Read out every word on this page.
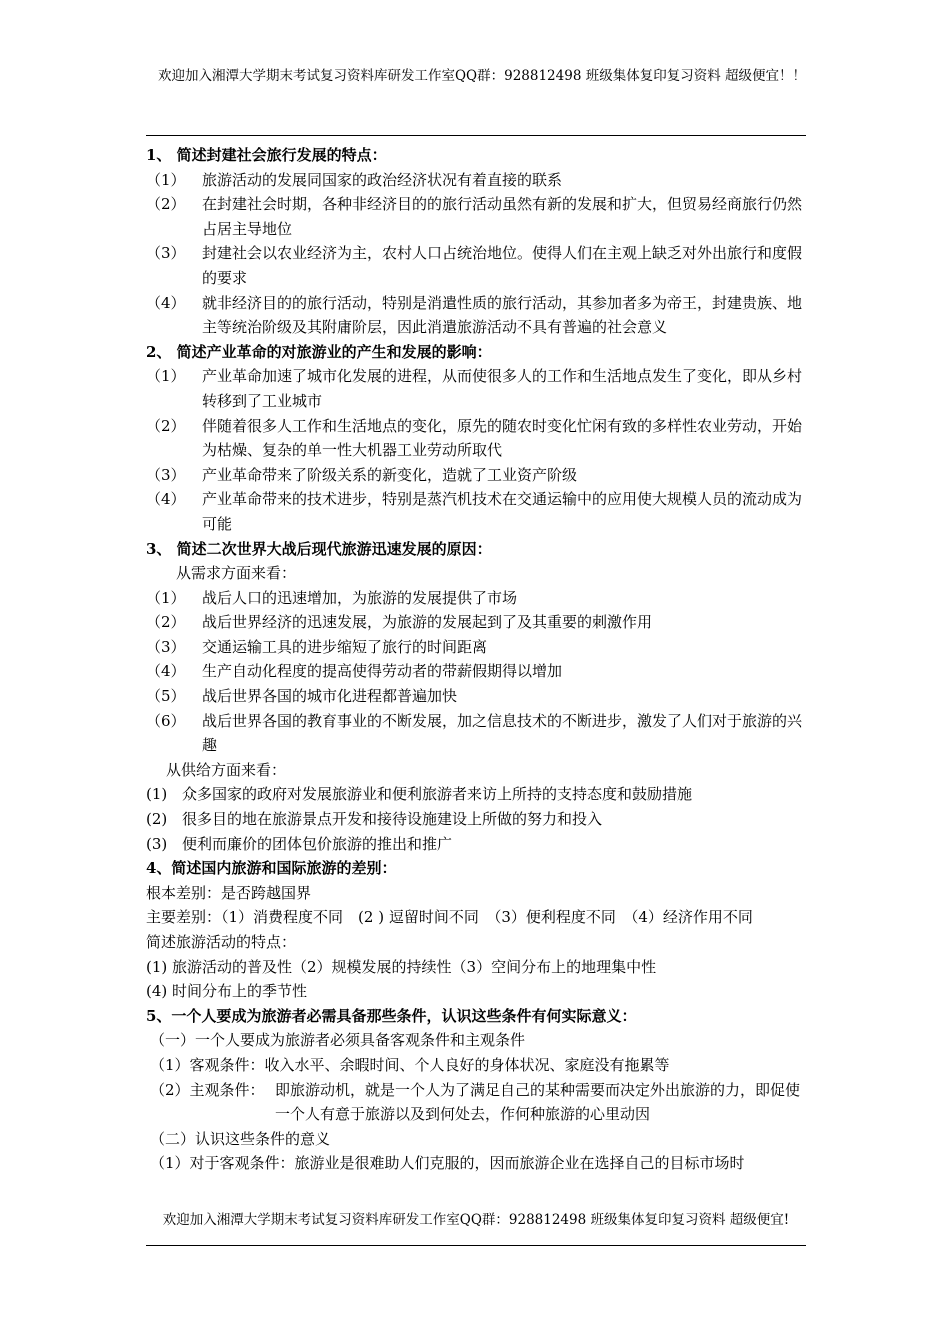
欢迎加入湘潭大学期末考试复习资料库研发工作室QQ群：928812498 班级集体复印复习资料 超级便宜！！
1、 简述封建社会旅行发展的特点：
（1）	旅游活动的发展同国家的政治经济状况有着直接的联系
（2）	在封建社会时期，各种非经济目的的旅行活动虽然有新的发展和扩大，但贸易经商旅行仍然占居主导地位
（3）	封建社会以农业经济为主，农村人口占统治地位。使得人们在主观上缺乏对外出旅行和度假的要求
（4）	就非经济目的的旅行活动，特别是消遣性质的旅行活动，其参加者多为帝王，封建贵族、地主等统治阶级及其附庸阶层，因此消遣旅游活动不具有普遍的社会意义
2、 简述产业革命的对旅游业的产生和发展的影响：
（1）	产业革命加速了城市化发展的进程，从而使很多人的工作和生活地点发生了变化，即从乡村转移到了工业城市
（2）	伴随着很多人工作和生活地点的变化，原先的随农时变化忙闲有致的多样性农业劳动，开始为枯燥、复杂的单一性大机器工业劳动所取代
（3）	产业革命带来了阶级关系的新变化，造就了工业资产阶级
（4）	产业革命带来的技术进步，特别是蒸汽机技术在交通运输中的应用使大规模人员的流动成为可能
3、 简述二次世界大战后现代旅游迅速发展的原因：
从需求方面来看：
（1）	战后人口的迅速增加，为旅游的发展提供了市场
（2）	战后世界经济的迅速发展，为旅游的发展起到了及其重要的刺激作用
（3）	交通运输工具的进步缩短了旅行的时间距离
（4）	生产自动化程度的提高使得劳动者的带薪假期得以增加
（5）	战后世界各国的城市化进程都普遍加快
（6）	战后世界各国的教育事业的不断发展，加之信息技术的不断进步，激发了人们对于旅游的兴趣
从供给方面来看：
(1) 众多国家的政府对发展旅游业和便利旅游者来访上所持的支持态度和鼓励措施
(2) 很多目的地在旅游景点开发和接待设施建设上所做的努力和投入
(3) 便利而廉价的团体包价旅游的推出和推广
4、简述国内旅游和国际旅游的差别：
根本差别：是否跨越国界
主要差别：（1）消费程度不同　(2 ) 逗留时间不同　（3）便利程度不同　（4）经济作用不同
简述旅游活动的特点：
(1) 旅游活动的普及性（2）规模发展的持续性（3）空间分布上的地理集中性
(4) 时间分布上的季节性
5、一个人要成为旅游者必需具备那些条件，认识这些条件有何实际意义：
（一）一个人要成为旅游者必须具备客观条件和主观条件
（1）客观条件：收入水平、余暇时间、个人良好的身体状况、家庭没有拖累等
（2）主观条件： 即旅游动机，就是一个人为了满足自己的某种需要而决定外出旅游的力，即促使一个人有意于旅游以及到何处去，作何种旅游的心里动因
（二）认识这些条件的意义
（1）对于客观条件：旅游业是很难助人们克服的，因而旅游企业在选择自己的目标市场时
欢迎加入湘潭大学期末考试复习资料库研发工作室QQ群：928812498 班级集体复印复习资料 超级便宜!
